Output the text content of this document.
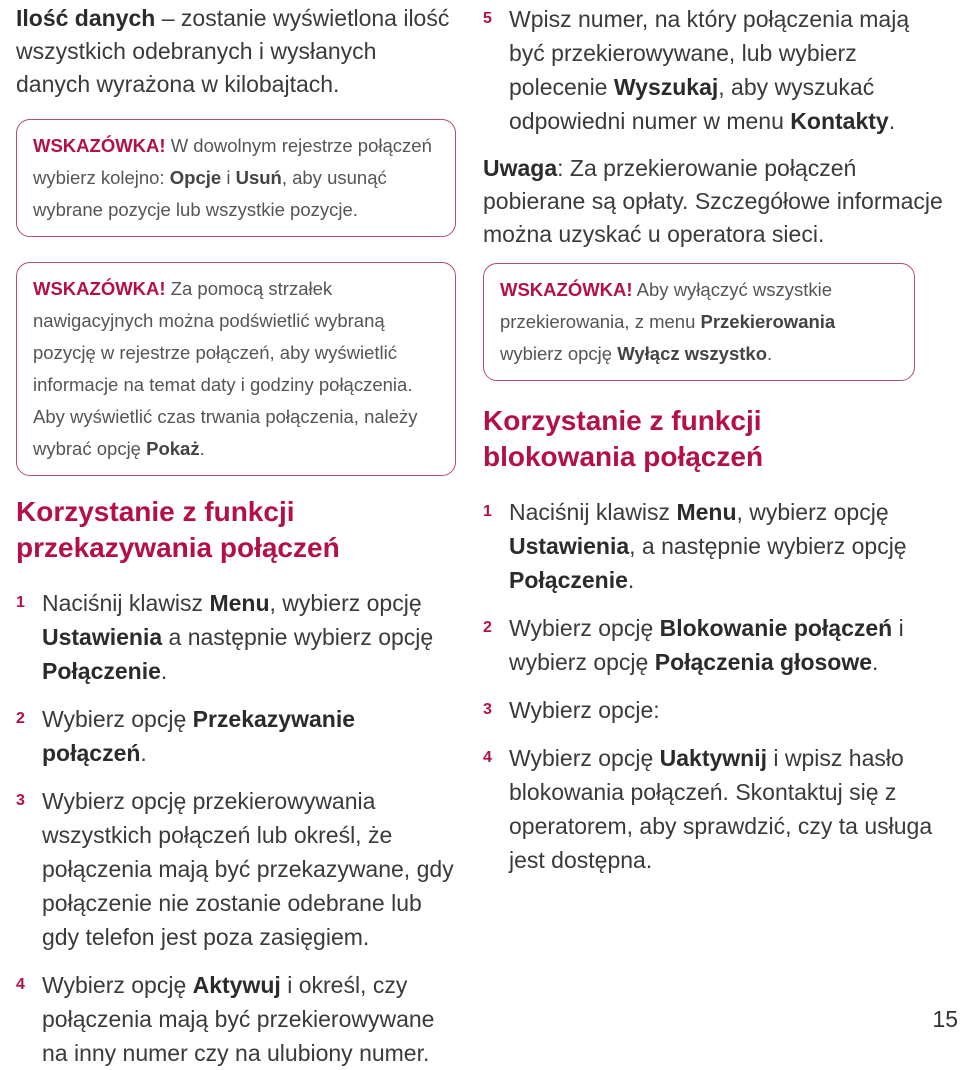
Ilość danych – zostanie wyświetlona ilość wszystkich odebranych i wysłanych danych wyrażona w kilobajtach.

WSKAZÓWKA! W dowolnym rejestrze połączeń wybierz kolejno: Opcje i Usuń, aby usunąć wybrane pozycje lub wszystkie pozycje.
WSKAZÓWKA! Za pomocą strzałek nawigacyjnych można podświetlić wybraną pozycję w rejestrze połączeń, aby wyświetlić informacje na temat daty i godziny połączenia. Aby wyświetlić czas trwania połączenia, należy wybrać opcję Pokaż.
Korzystanie z funkcji przekazywania połączeń
1 Naciśnij klawisz Menu, wybierz opcję Ustawienia a następnie wybierz opcję Połączenie.
2 Wybierz opcję Przekazywanie połączeń.
3 Wybierz opcję przekierowywania wszystkich połączeń lub określ, że połączenia mają być przekazywane, gdy połączenie nie zostanie odebrane lub gdy telefon jest poza zasięgiem.
4 Wybierz opcję Aktywuj i określ, czy połączenia mają być przekierowywane na inny numer czy na ulubiony numer.
5 Wpisz numer, na który połączenia mają być przekierowywane, lub wybierz polecenie Wyszukaj, aby wyszukać odpowiedni numer w menu Kontakty.

Uwaga: Za przekierowanie połączeń pobierane są opłaty. Szczegółowe informacje można uzyskać u operatora sieci.

WSKAZÓWKA! Aby wyłączyć wszystkie przekierowania, z menu Przekierowania wybierz opcję Wyłącz wszystko.
Korzystanie z funkcji blokowania połączeń
1 Naciśnij klawisz Menu, wybierz opcję Ustawienia, a następnie wybierz opcję Połączenie.
2 Wybierz opcję Blokowanie połączeń i wybierz opcję Połączenia głosowe.
3 Wybierz opcje:
4 Wybierz opcję Uaktywnij i wpisz hasło blokowania połączeń. Skontaktuj się z operatorem, aby sprawdzić, czy ta usługa jest dostępna.
15
